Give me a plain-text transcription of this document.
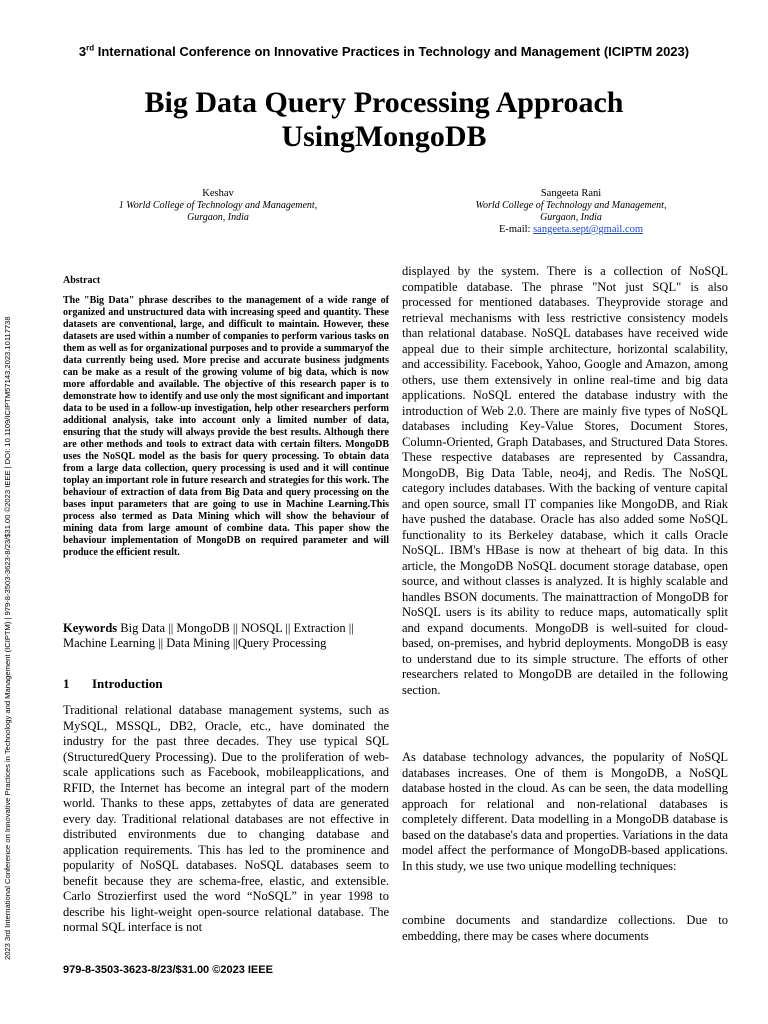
3rd International Conference on Innovative Practices in Technology and Management (ICIPTM 2023)
Big Data Query Processing Approach
UsingMongoDB
Keshav
1 World College of Technology and Management,
Gurgaon, India
Sangeeta Rani
World College of Technology and Management,
Gurgaon, India
E-mail: sangeeta.sept@gmail.com
2023 3rd International Conference on Innovative Practices in Technology and Management (ICIPTM) | 979-8-3503-3623-8/23/$31.00 ©2023 IEEE | DOI: 10.1109/ICIPTM57143.2023.10117738
Abstract
The "Big Data" phrase describes to the management of a wide range of organized and unstructured data with increasing speed and quantity. These datasets are conventional, large, and difficult to maintain. However, these datasets are used within a number of companies to perform various tasks on them as well as for organizational purposes and to provide a summaryof the data currently being used. More precise and accurate business judgments can be make as a result of the growing volume of big data, which is now more affordable and available. The objective of this research paper is to demonstrate how to identify and use only the most significant and important data to be used in a follow-up investigation, help other researchers perform additional analysis, take into account only a limited number of data, ensuring that the study will always provide the best results. Although there are other methods and tools to extract data with certain filters. MongoDB uses the NoSQL model as the basis for query processing. To obtain data from a large data collection, query processing is used and it will continue toplay an important role in future research and strategies for this work. The behaviour of extraction of data from Big Data and query processing on the bases input parameters that are going to use in Machine Learning.This process also termed as Data Mining which will show the behaviour of mining data from large amount of combine data. This paper show the behaviour implementation of MongoDB on required parameter and will produce the efficient result.
Keywords Big Data || MongoDB || NOSQL || Extraction || Machine Learning || Data Mining ||Query Processing
1 Introduction
Traditional relational database management systems, such as MySQL, MSSQL, DB2, Oracle, etc., have dominated the industry for the past three decades. They use typical SQL (StructuredQuery Processing). Due to the proliferation of web-scale applications such as Facebook, mobileapplications, and RFID, the Internet has become an integral part of the modern world. Thanks to these apps, zettabytes of data are generated every day. Traditional relational databases are not effective in distributed environments due to changing database and application requirements. This has led to the prominence and popularity of NoSQL databases. NoSQL databases seem to benefit because they are schema-free, elastic, and extensible. Carlo Strozierfirst used the word “NoSQL” in year 1998 to describe his light-weight open-source relational database. The normal SQL interface is not
displayed by the system. There is a collection of NoSQL compatible database. The phrase "Not just SQL" is also processed for mentioned databases. Theyprovide storage and retrieval mechanisms with less restrictive consistency models than relational database. NoSQL databases have received wide appeal due to their simple architecture, horizontal scalability, and accessibility. Facebook, Yahoo, Google and Amazon, among others, use them extensively in online real-time and big data applications. NoSQL entered the database industry with the introduction of Web 2.0. There are mainly five types of NoSQL databases including Key-Value Stores, Document Stores, Column-Oriented, Graph Databases, and Structured Data Stores. These respective databases are represented by Cassandra, MongoDB, Big Data Table, neo4j, and Redis. The NoSQL category includes databases. With the backing of venture capital and open source, small IT companies like MongoDB, and Riak have pushed the database. Oracle has also added some NoSQL functionality to its Berkeley database, which it calls Oracle NoSQL. IBM's HBase is now at theheart of big data. In this article, the MongoDB NoSQL document storage database, open source, and without classes is analyzed. It is highly scalable and handles BSON documents. The mainattraction of MongoDB for NoSQL users is its ability to reduce maps, automatically split and expand documents. MongoDB is well-suited for cloud-based, on-premises, and hybrid deployments. MongoDB is easy to understand due to its simple structure. The efforts of other researchers related to MongoDB are detailed in the following section.
As database technology advances, the popularity of NoSQL databases increases. One of them is MongoDB, a NoSQL database hosted in the cloud. As can be seen, the data modelling approach for relational and non-relational databases is completely different. Data modelling in a MongoDB database is based on the database's data and properties. Variations in the data model affect the performance of MongoDB-based applications. In this study, we use two unique modelling techniques:
combine documents and standardize collections. Due to embedding, there may be cases where documents
979-8-3503-3623-8/23/$31.00 ©2023 IEEE
